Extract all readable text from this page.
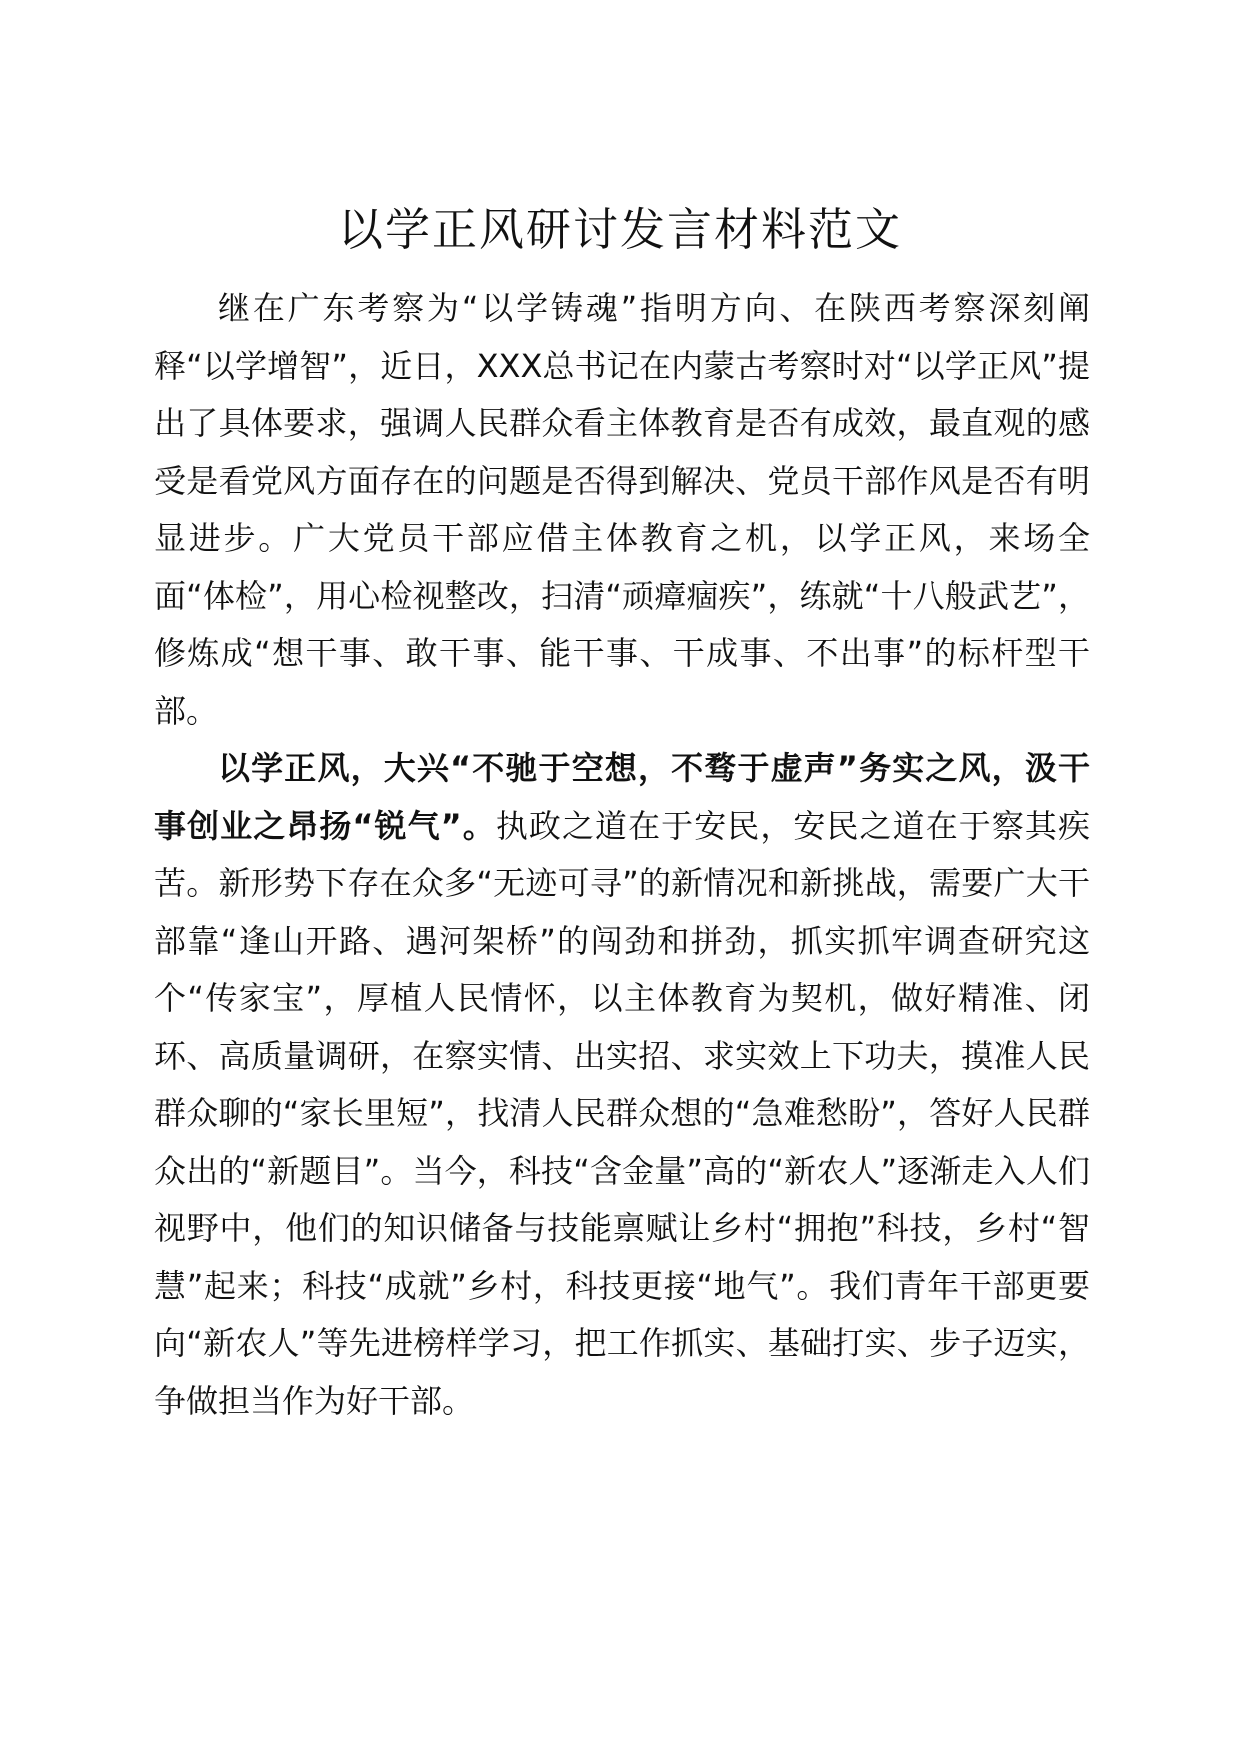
以学正风研讨发言材料范文

继在广东考察为“以学铸魂”指明方向、在陕西考察深刻阐释“以学增智”，近日，XXX总书记在内蒙古考察时对“以学正风”提出了具体要求，强调人民群众看主体教育是否有成效，最直观的感受是看党风方面存在的问题是否得到解决、党员干部作风是否有明显进步。广大党员干部应借主体教育之机，以学正风，来场全面“体检”，用心检视整改，扫清“顽瘴痼疾”，练就“十八般武艺”，修炼成“想干事、敢干事、能干事、干成事、不出事”的标杆型干部。

以学正风，大兴“不驰于空想，不骛于虚声”务实之风，汲干事创业之昂扬“锐气”。执政之道在于安民，安民之道在于察其疾苦。新形势下存在众多“无迹可寻”的新情况和新挑战，需要广大干部靠“逢山开路、遇河架桥”的闯劲和拼劲，抓实抓牢调查研究这个“传家宝”，厚植人民情怀，以主体教育为契机，做好精准、闭环、高质量调研，在察实情、出实招、求实效上下功夫，摸准人民群众聊的“家长里短”，找清人民群众想的“急难愁盼”，答好人民群众出的“新题目”。当今，科技“含金量”高的“新农人”逐渐走入人们视野中，他们的知识储备与技能禀赋让乡村“拥抱”科技，乡村“智慧”起来；科技“成就”乡村，科技更接“地气”。我们青年干部更要向“新农人”等先进榜样学习，把工作抓实、基础打实、步子迈实，争做担当作为好干部。
